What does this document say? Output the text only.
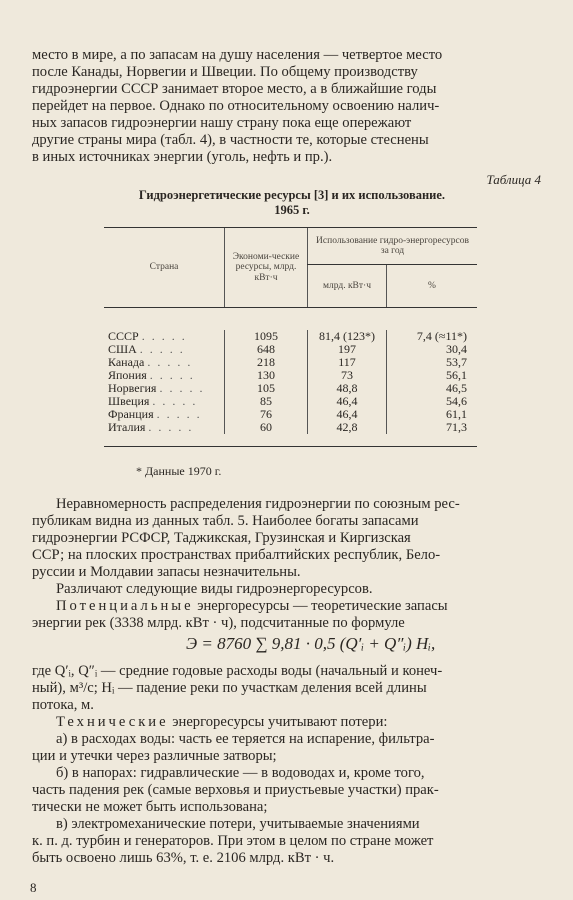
место в мире, а по запасам на душу населения — четвертое место

после Канады, Норвегии и Швеции. По общему производству

гидроэнергии СССР занимает второе место, а в ближайшие годы

перейдет на первое. Однако по относительному освоению налич-

ных запасов гидроэнергии нашу страну пока еще опережают

другие страны мира (табл. 4), в частности те, которые стеснены

в иных источниках энергии (уголь, нефть и пр.).

Таблица 4
Гидроэнергетические ресурсы [3] и их использование.
1965 г.
Страна	Экономи-ческие ресурсы, млрд. кВт·ч	Использование гидро-энергоресурсов за год	
		млрд. кВт·ч	%

СССР . . . . .	1095	81,4 (123*)	7,4 (≈11*)
США . . . . .	648	197	30,4
Канада . . . . .	218	117	53,7
Япония . . . . .	130	73	56,1
Норвегия . . . . .	105	48,8	46,5
Швеция . . . . .	85	46,4	54,6
Франция . . . . .	76	46,4	61,1
Италия . . . . .	60	42,8	71,3

* Данные 1970 г.

Неравномерность распределения гидроэнергии по союзным рес-

публикам видна из данных табл. 5. Наиболее богаты запасами

гидроэнергии РСФСР, Таджикская, Грузинская и Киргизская

ССР; на плоских пространствах прибалтийских республик, Бело-

руссии и Молдавии запасы незначительны.

Различают следующие виды гидроэнергоресурсов.

Потенциальные энергоресурсы — теоретические запасы

энергии рек (3338 млрд. кВт · ч), подсчитанные по формуле

Э = 8760 ∑ 9,81 · 0,5 (Q′ᵢ + Q″ᵢ) Hᵢ,

где Q′ᵢ, Q″ᵢ — средние годовые расходы воды (начальный и конеч-

ный), м³/с; Hᵢ — падение реки по участкам деления всей длины

потока, м.

Технические энергоресурсы учитывают потери:

а) в расходах воды: часть ее теряется на испарение, фильтра-

ции и утечки через различные затворы;

б) в напорах: гидравлические — в водоводах и, кроме того,

часть падения рек (самые верховья и приустьевые участки) прак-

тически не может быть использована;

в) электромеханические потери, учитываемые значениями

к. п. д. турбин и генераторов. При этом в целом по стране может

быть освоено лишь 63%, т. е. 2106 млрд. кВт · ч.

8
